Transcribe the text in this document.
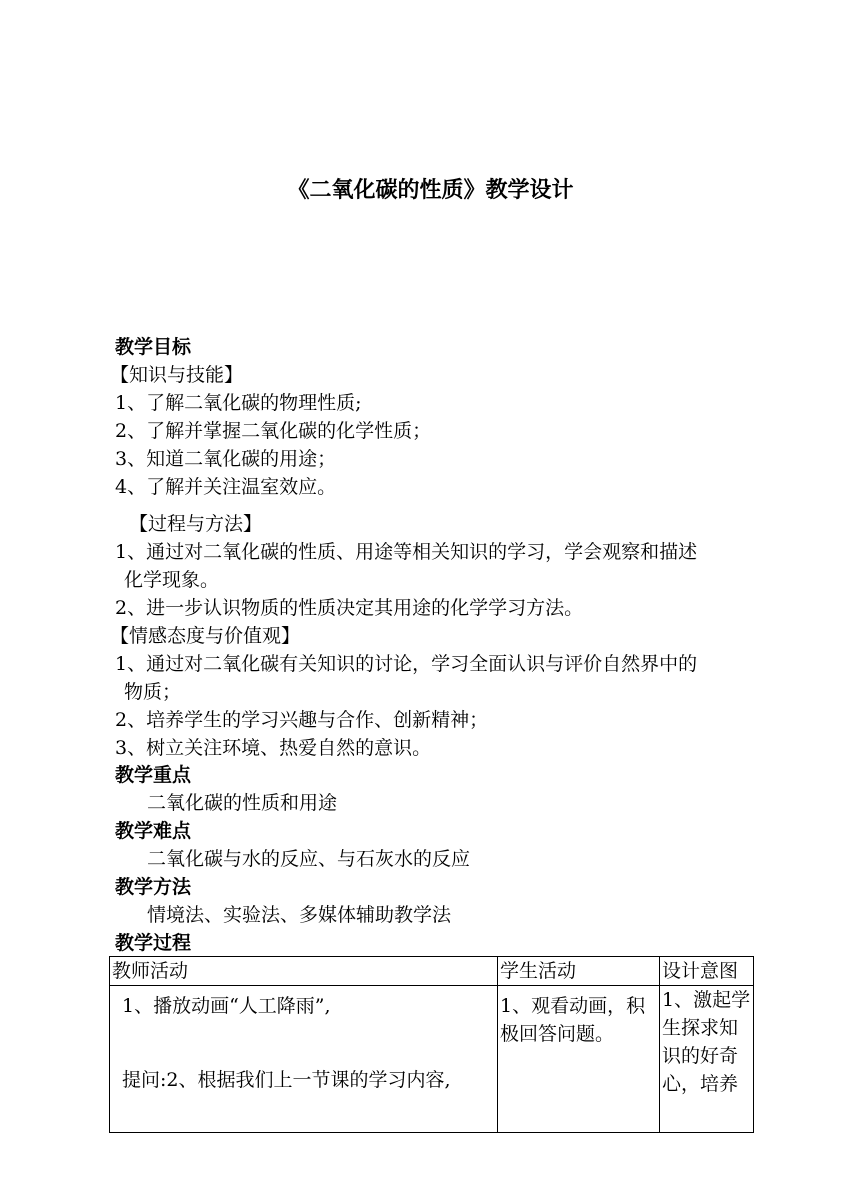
《二氧化碳的性质》教学设计
教学目标
【知识与技能】
1、了解二氧化碳的物理性质;
2、了解并掌握二氧化碳的化学性质；
3、知道二氧化碳的用途；
4、了解并关注温室效应。
【过程与方法】
1、通过对二氧化碳的性质、用途等相关知识的学习，学会观察和描述
化学现象。
2、进一步认识物质的性质决定其用途的化学学习方法。
【情感态度与价值观】
1、通过对二氧化碳有关知识的讨论，学习全面认识与评价自然界中的
物质；
2、培养学生的学习兴趣与合作、创新精神；
3、树立关注环境、热爱自然的意识。
教学重点
二氧化碳的性质和用途
教学难点
二氧化碳与水的反应、与石灰水的反应
教学方法
情境法、实验法、多媒体辅助教学法
教学过程
教师活动	学生活动	设计意图

1、播放动画“人工降雨”,
提问:2、根据我们上一节课的学习内容,	1、观看动画，积极回答问题。	1、激起学生探求知识的好奇心，培养
